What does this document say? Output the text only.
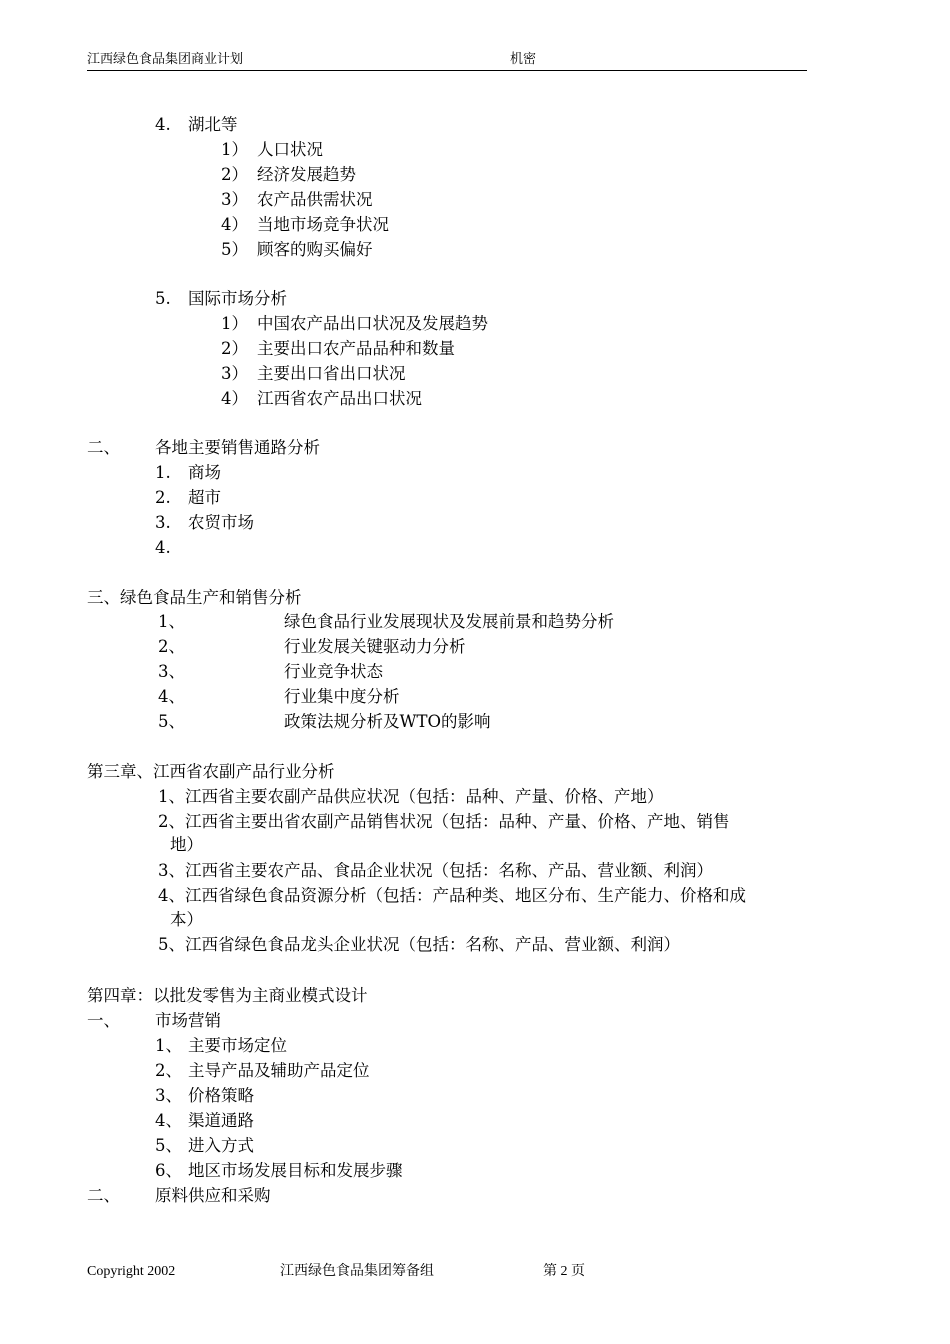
江西绿色食品集团商业计划	机密
4. 湖北等
1） 人口状况
2） 经济发展趋势
3） 农产品供需状况
4） 当地市场竞争状况
5） 顾客的购买偏好
5. 国际市场分析
1） 中国农产品出口状况及发展趋势
2） 主要出口农产品品种和数量
3） 主要出口省出口状况
4） 江西省农产品出口状况
二、 各地主要销售通路分析
1. 商场
2. 超市
3. 农贸市场
4.
三、绿色食品生产和销售分析
1、	绿色食品行业发展现状及发展前景和趋势分析
2、	行业发展关键驱动力分析
3、	行业竞争状态
4、	行业集中度分析
5、	政策法规分析及WTO的影响
第三章、江西省农副产品行业分析
1、江西省主要农副产品供应状况（包括：品种、产量、价格、产地）
2、江西省主要出省农副产品销售状况（包括：品种、产量、价格、产地、销售
地）
3、江西省主要农产品、食品企业状况（包括：名称、产品、营业额、利润）
4、江西省绿色食品资源分析（包括：产品种类、地区分布、生产能力、价格和成
本）
5、江西省绿色食品龙头企业状况（包括：名称、产品、营业额、利润）
第四章：以批发零售为主商业模式设计
一、 市场营销
1、 主要市场定位
2、 主导产品及辅助产品定位
3、 价格策略
4、 渠道通路
5、 进入方式
6、 地区市场发展目标和发展步骤
二、 原料供应和采购
Copyright 2002	江西绿色食品集团筹备组	第 2 页
